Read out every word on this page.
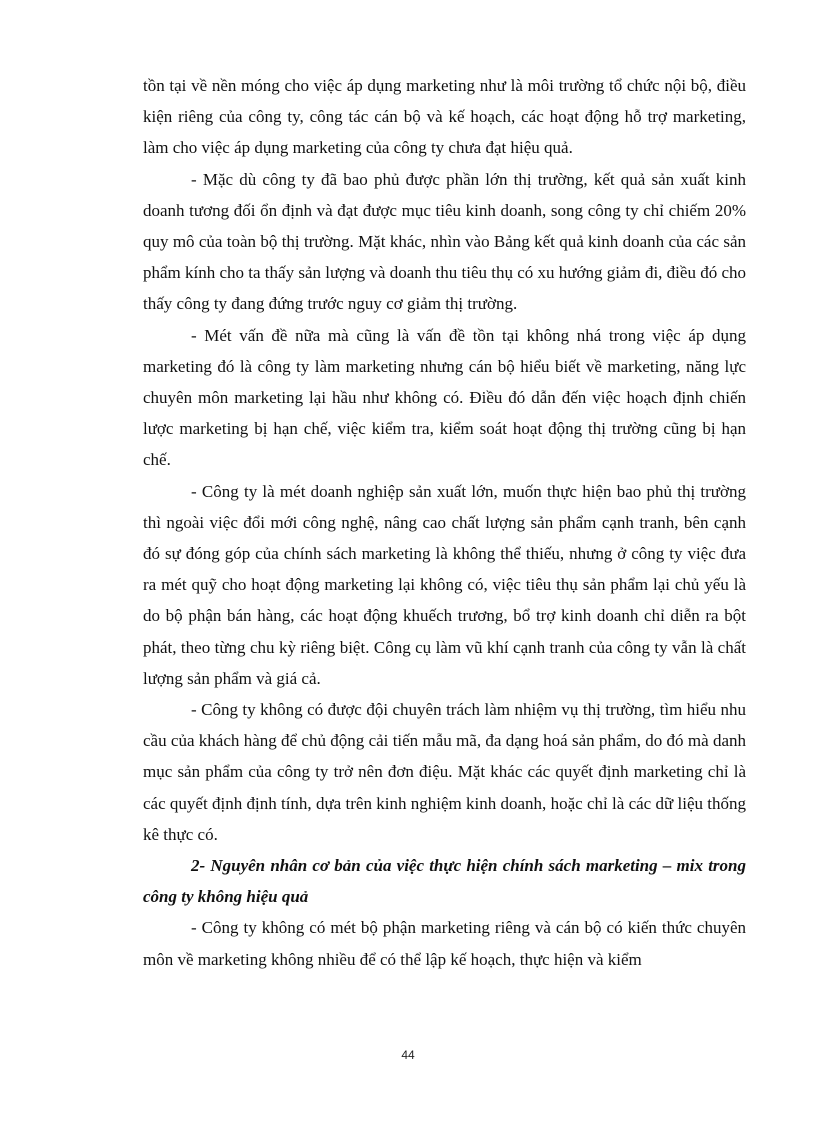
tồn tại về nền móng cho việc áp dụng marketing như là môi trường tổ chức nội bộ, điều kiện riêng của công ty, công tác cán bộ và kế hoạch, các hoạt động hỗ trợ marketing, làm cho việc áp dụng marketing của công ty chưa đạt hiệu quả.

- Mặc dù công ty đã bao phủ được phần lớn thị trường, kết quả sản xuất kinh doanh tương đối ổn định và đạt được mục tiêu kinh doanh, song công ty chỉ chiếm 20% quy mô của toàn bộ thị trường. Mặt khác, nhìn vào Bảng kết quả kinh doanh của các sản phẩm kính cho ta thấy sản lượng và doanh thu tiêu thụ có xu hướng giảm đi, điều đó cho thấy công ty đang đứng trước nguy cơ giảm thị trường.

- Mét vấn đề nữa mà cũng là vấn đề tồn tại không nhá trong việc áp dụng marketing đó là công ty làm marketing nhưng cán bộ hiểu biết về marketing, năng lực chuyên môn marketing lại hầu như không có. Điều đó dẫn đến việc hoạch định chiến lược marketing bị hạn chế, việc kiểm tra, kiểm soát hoạt động thị trường cũng bị hạn chế.

- Công ty là mét doanh nghiệp sản xuất lớn, muốn thực hiện bao phủ thị trường thì ngoài việc đổi mới công nghệ, nâng cao chất lượng sản phẩm cạnh tranh, bên cạnh đó sự đóng góp của chính sách marketing là không thể thiếu, nhưng ở công ty việc đưa ra mét quỹ cho hoạt động marketing lại không có, việc tiêu thụ sản phẩm lại chủ yếu là do bộ phận bán hàng, các hoạt động khuếch trương, bổ trợ kinh doanh chỉ diễn ra bột phát, theo từng chu kỳ riêng biệt. Công cụ làm vũ khí cạnh tranh của công ty vẫn là chất lượng sản phẩm và giá cả.

- Công ty không có được đội chuyên trách làm nhiệm vụ thị trường, tìm hiểu nhu cầu của khách hàng để chủ động cải tiến mẫu mã, đa dạng hoá sản phẩm, do đó mà danh mục sản phẩm của công ty trở nên đơn điệu. Mặt khác các quyết định marketing chỉ là các quyết định định tính, dựa trên kinh nghiệm kinh doanh, hoặc chỉ là các dữ liệu thống kê thực có.

2- Nguyên nhân cơ bản của việc thực hiện chính sách marketing – mix trong công ty không hiệu quả

- Công ty không có mét bộ phận marketing riêng và cán bộ có kiến thức chuyên môn về marketing không nhiều để có thể lập kế hoạch, thực hiện và kiểm

44
